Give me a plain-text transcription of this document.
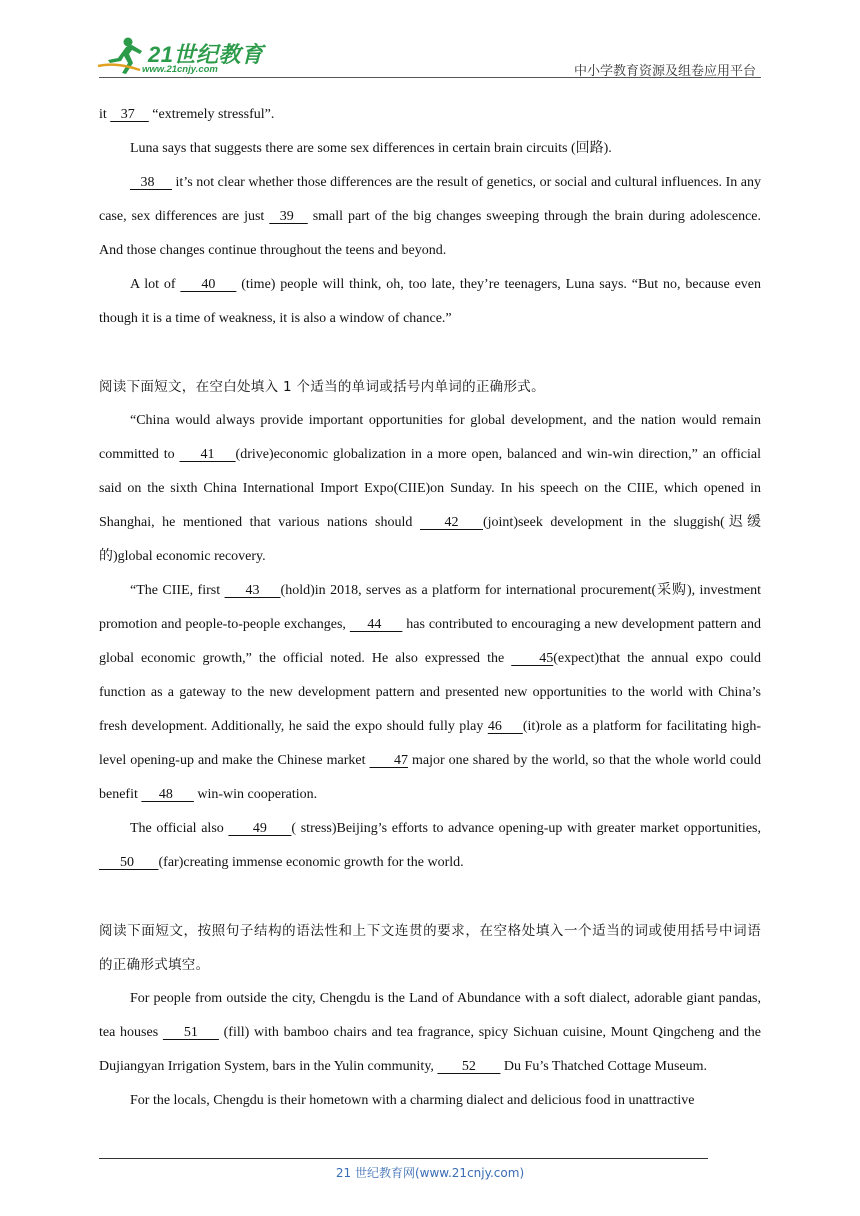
21世纪教育
www.21cnjy.com	中小学教育资源及组卷应用平台

it    37     “extremely stressful”.

Luna says that suggests there are some sex differences in certain brain circuits (回路).

38      it’s not clear whether those differences are the result of genetics, or social and cultural influences. In any case, sex differences are just    39     small part of the big changes sweeping through the brain during adolescence. And those changes continue throughout the teens and beyond.

A lot of       40       (time) people will think, oh, too late, they’re teenagers, Luna says. “But no, because even though it is a time of weakness, it is also a window of chance.”

阅读下面短文，在空白处填入 1 个适当的单词或括号内单词的正确形式。

“China would always provide important opportunities for global development, and the nation would remain committed to       41      (drive)economic globalization in a more open, balanced and win-win direction,” an official said on the sixth China International Import Expo(CIIE)on Sunday. In his speech on the CIIE, which opened in Shanghai, he mentioned that various nations should        42       (joint)seek development in the sluggish(迟缓的)global economic recovery.

“The CIIE, first       43      (hold)in 2018, serves as a platform for international procurement(采购), investment promotion and people-to-people exchanges,      44       has contributed to encouraging a new development pattern and global economic growth,” the official noted. He also expressed the         45(expect)that the annual expo could function as a gateway to the new development pattern and presented new opportunities to the world with China’s fresh development. Additionally, he said the expo should fully play 46      (it)role as a platform for facilitating high-level opening-up and make the Chinese market        47 major one shared by the world, so that the whole world could benefit      48       win-win cooperation.

The official also        49       ( stress)Beijing’s efforts to advance opening-up with greater market opportunities,       50       (far)creating immense economic growth for the world.

阅读下面短文，按照句子结构的语法性和上下文连贯的要求，在空格处填入一个适当的词或使用括号中词语的正确形式填空。

For people from outside the city, Chengdu is the Land of Abundance with a soft dialect, adorable giant pandas, tea houses       51       (fill) with bamboo chairs and tea fragrance, spicy Sichuan cuisine, Mount Qingcheng and the Dujiangyan Irrigation System, bars in the Yulin community,        52        Du Fu’s Thatched Cottage Museum.

For the locals, Chengdu is their hometown with a charming dialect and delicious food in unattractive

21 世纪教育网(www.21cnjy.com)
